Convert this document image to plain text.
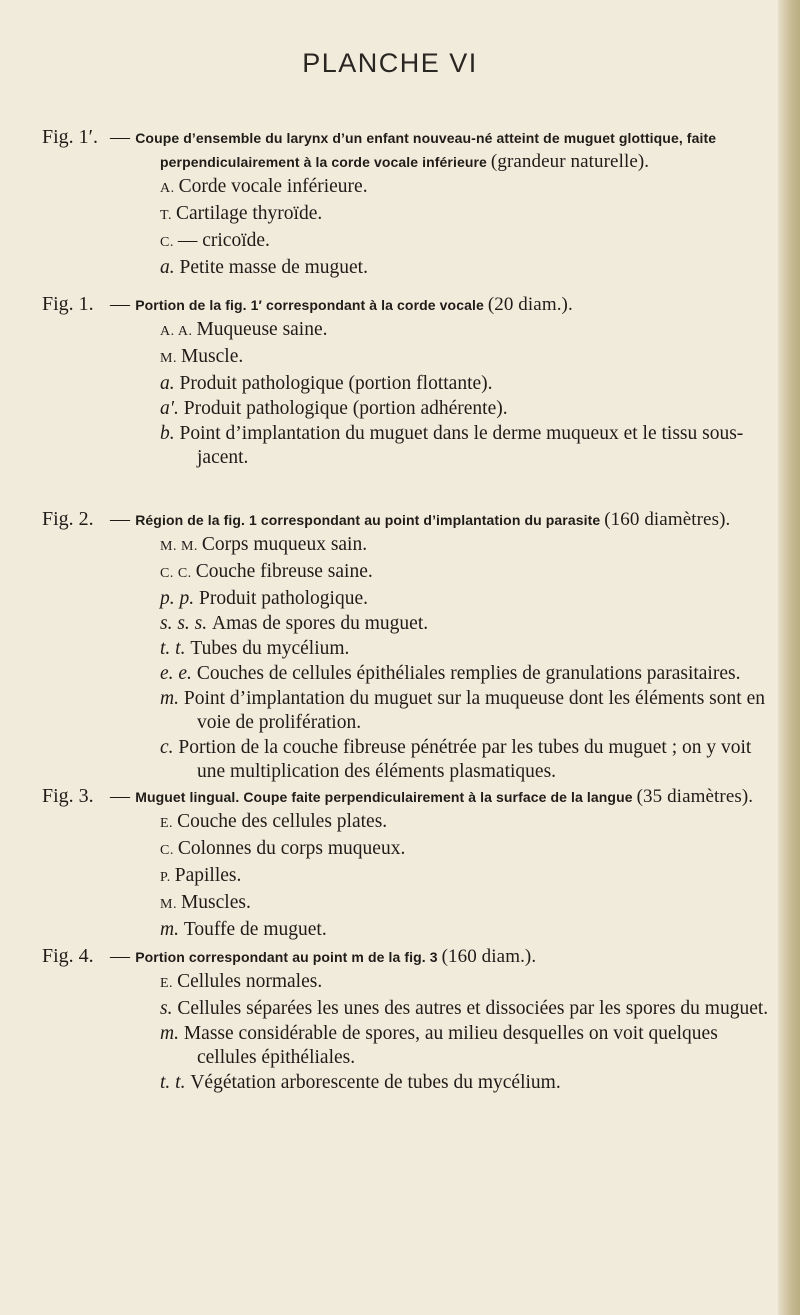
PLANCHE VI
Fig. 1′. — Coupe d’ensemble du larynx d’un enfant nouveau-né atteint de muguet glottique, faite perpendiculairement à la corde vocale inférieure (grandeur naturelle).
A. Corde vocale inférieure.
T. Cartilage thyroïde.
C. — cricoïde.
a. Petite masse de muguet.
Fig. 1. — Portion de la fig. 1′ correspondant à la corde vocale (20 diam.).
A. A. Muqueuse saine.
M. Muscle.
a. Produit pathologique (portion flottante).
a′. Produit pathologique (portion adhérente).
b. Point d’implantation du muguet dans le derme muqueux et le tissu sous-jacent.
Fig. 2. — Région de la fig. 1 correspondant au point d’implantation du parasite (160 diamètres).
M. M. Corps muqueux sain.
C. C. Couche fibreuse saine.
p. p. Produit pathologique.
s. s. s. Amas de spores du muguet.
t. t. Tubes du mycélium.
e. e. Couches de cellules épithéliales remplies de granulations parasitaires.
m. Point d’implantation du muguet sur la muqueuse dont les éléments sont en voie de prolifération.
c. Portion de la couche fibreuse pénétrée par les tubes du muguet ; on y voit une multiplication des éléments plasmatiques.
Fig. 3. — Muguet lingual. Coupe faite perpendiculairement à la surface de la langue (35 diamètres).
E. Couche des cellules plates.
C. Colonnes du corps muqueux.
P. Papilles.
M. Muscles.
m. Touffe de muguet.
Fig. 4. — Portion correspondant au point m de la fig. 3 (160 diam.).
E. Cellules normales.
s. Cellules séparées les unes des autres et dissociées par les spores du muguet.
m. Masse considérable de spores, au milieu desquelles on voit quelques cellules épithéliales.
t. t. Végétation arborescente de tubes du mycélium.
